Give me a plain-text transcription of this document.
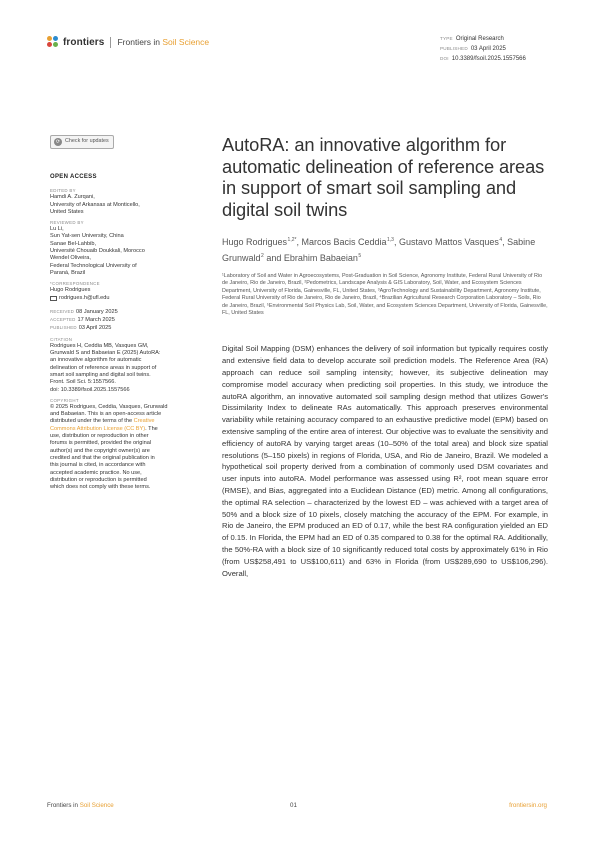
frontiers Frontiers in Soil Science	TYPE Original Research
PUBLISHED 03 April 2025
DOI 10.3389/fsoil.2025.1557566
⟳ Check for updates
OPEN ACCESS
EDITED BY
Hamdi A. Zurqani,
University of Arkansas at Monticello,
United States
REVIEWED BY
Lu Li,
Sun Yat-sen University, China
Sanae Bel-Lahbib,
Université Chouaib Doukkali, Morocco
Wendel Oliveira,
Federal Technological University of
Paraná, Brazil
*CORRESPONDENCE
Hugo Rodrigues
rodrigues.h@ufl.edu
RECEIVED 08 January 2025
ACCEPTED 17 March 2025
PUBLISHED 03 April 2025
CITATION
Rodrigues H, Ceddia MB, Vasques GM,
Grunwald S and Babaeian E (2025) AutoRA:
an innovative algorithm for automatic
delineation of reference areas in support of
smart soil sampling and digital soil twins.
Front. Soil Sci. 5:1557566.
doi: 10.3389/fsoil.2025.1557566
COPYRIGHT
© 2025 Rodrigues, Ceddia, Vasques, Grunwald
and Babaeian. This is an open-access article
distributed under the terms of the Creative
Commons Attribution License (CC BY). The
use, distribution or reproduction in other
forums is permitted, provided the original
author(s) and the copyright owner(s) are
credited and that the original publication in
this journal is cited, in accordance with
accepted academic practice. No use,
distribution or reproduction is permitted
which does not comply with these terms.
AutoRA: an innovative algorithm for automatic delineation of reference areas in support of smart soil sampling and digital soil twins
Hugo Rodrigues$^{1,2*}$, Marcos Bacis Ceddia$^{1,3}$, Gustavo Mattos Vasques$^4$, Sabine Grunwald$^2$ and Ebrahim Babaeian$^5$
¹Laboratory of Soil and Water in Agroecosystems, Post-Graduation in Soil Science, Agronomy Institute, Federal Rural University of Rio de Janeiro, Rio de Janeiro, Brazil, ²Pedometrics, Landscape Analysis & GIS Laboratory, Soil, Water, and Ecosystem Sciences Department, University of Florida, Gainesville, FL, United States, ³AgroTechnology and Sustainability Department, Agronomy Institute, Federal Rural University of Rio de Janeiro, Rio de Janeiro, Brazil, ⁴Brazilian Agricultural Research Corporation Laboratory – Soils, Rio de Janeiro, Brazil, ⁵Environmental Soil Physics Lab, Soil, Water, and Ecosystem Sciences Department, University of Florida, Gainesville, FL, United States

Digital Soil Mapping (DSM) enhances the delivery of soil information but typically requires costly and extensive field data to develop accurate soil prediction models. The Reference Area (RA) approach can reduce soil sampling intensity; however, its subjective delineation may compromise model accuracy when predicting soil properties. In this study, we introduce the autoRA algorithm, an innovative automated soil sampling design method that utilizes Gower's Dissimilarity Index to delineate RAs automatically. This approach preserves environmental variability while retaining accuracy compared to an exhaustive predictive model (EPM) based on extensive sampling of the entire area of interest. Our objective was to evaluate the sensitivity and efficiency of autoRA by varying target areas (10–50% of the total area) and block size spatial resolutions (5–150 pixels) in regions of Florida, USA, and Rio de Janeiro, Brazil. We modeled a hypothetical soil property derived from a combination of commonly used DSM covariates and user inputs into autoRA. Model performance was assessed using R², root mean square error (RMSE), and Bias, aggregated into a Euclidean Distance (ED) metric. Among all configurations, the optimal RA selection – characterized by the lowest ED – was achieved with a target area of 50% and a block size of 10 pixels, closely matching the accuracy of the EPM. For example, in Rio de Janeiro, the EPM produced an ED of 0.17, while the best RA configuration yielded an ED of 0.15. In Florida, the EPM had an ED of 0.35 compared to 0.38 for the optimal RA. Additionally, the 50%-RA with a block size of 10 significantly reduced total costs by approximately 61% in Rio (from US$258,491 to US$100,611) and 63% in Florida (from US$289,690 to US$106,296). Overall,

Frontiers in Soil Science	01	frontiersin.org
